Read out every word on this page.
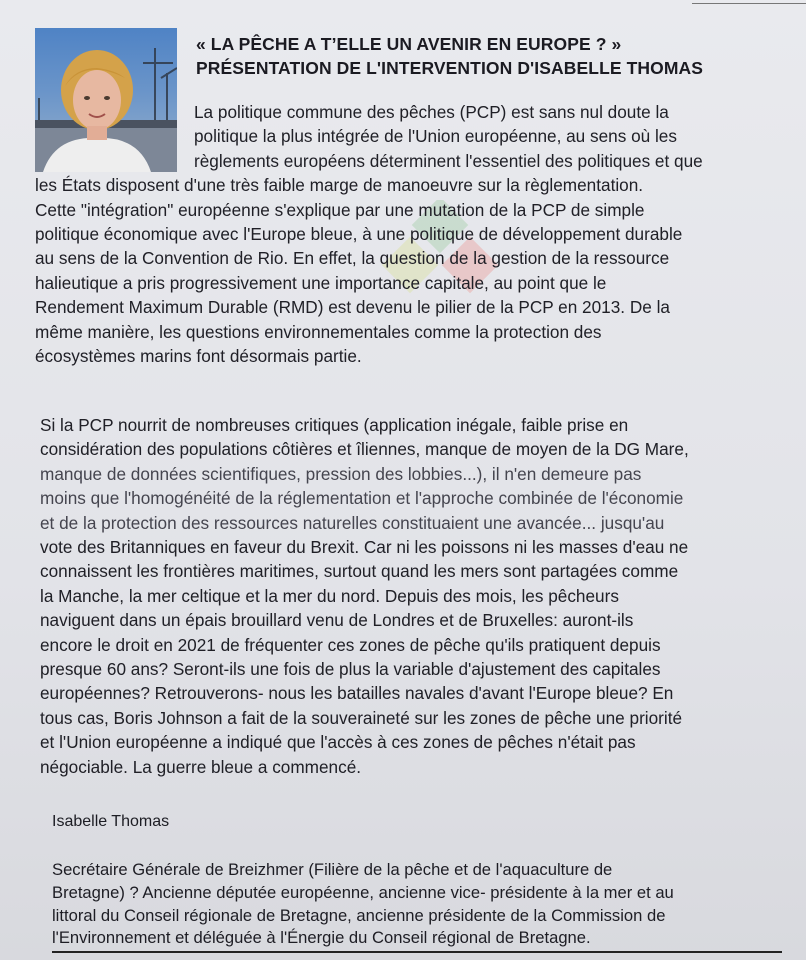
« LA PÊCHE A T’ELLE UN AVENIR EN EUROPE ? »
PRÉSENTATION DE L'INTERVENTION D'ISABELLE THOMAS
La politique commune des pêches (PCP) est sans nul doute la
politique la plus intégrée de l'Union européenne, au sens où les
règlements européens déterminent l'essentiel des politiques et que
les États disposent d'une très faible marge de manoeuvre sur la règlementation.
Cette "intégration" européenne s'explique par une mutation de la PCP de simple
politique économique avec l'Europe bleue, à une politique de développement durable
au sens de la Convention de Rio. En effet, la question de la gestion de la ressource
halieutique a pris progressivement une importance capitale, au point que le
Rendement Maximum Durable (RMD) est devenu le pilier de la PCP en 2013. De la
même manière, les questions environnementales comme la protection des
écosystèmes marins font désormais partie.
Si la PCP nourrit de nombreuses critiques (application inégale, faible prise en
considération des populations côtières et îliennes, manque de moyen de la DG Mare,
manque de données scientifiques, pression des lobbies...), il n'en demeure pas
moins que l'homogénéité de la réglementation et l'approche combinée de l'économie
et de la protection des ressources naturelles constituaient une avancée... jusqu'au
vote des Britanniques en faveur du Brexit. Car ni les poissons ni les masses d'eau ne
connaissent les frontières maritimes, surtout quand les mers sont partagées comme
la Manche, la mer celtique et la mer du nord. Depuis des mois, les pêcheurs
naviguent dans un épais brouillard venu de Londres et de Bruxelles: auront-ils
encore le droit en 2021 de fréquenter ces zones de pêche qu'ils pratiquent depuis
presque 60 ans? Seront-ils une fois de plus la variable d'ajustement des capitales
européennes? Retrouverons- nous les batailles navales d'avant l'Europe bleue? En
tous cas, Boris Johnson a fait de la souveraineté sur les zones de pêche une priorité
et l'Union européenne a indiqué que l'accès à ces zones de pêches n'était pas
négociable. La guerre bleue a commencé.
Isabelle Thomas
Secrétaire Générale de Breizhmer (Filière de la pêche et de l'aquaculture de
Bretagne) ? Ancienne députée européenne, ancienne vice- présidente à la mer et au
littoral du Conseil régionale de Bretagne, ancienne présidente de la Commission de
l'Environnement et déléguée à l'Énergie du Conseil régional de Bretagne.
